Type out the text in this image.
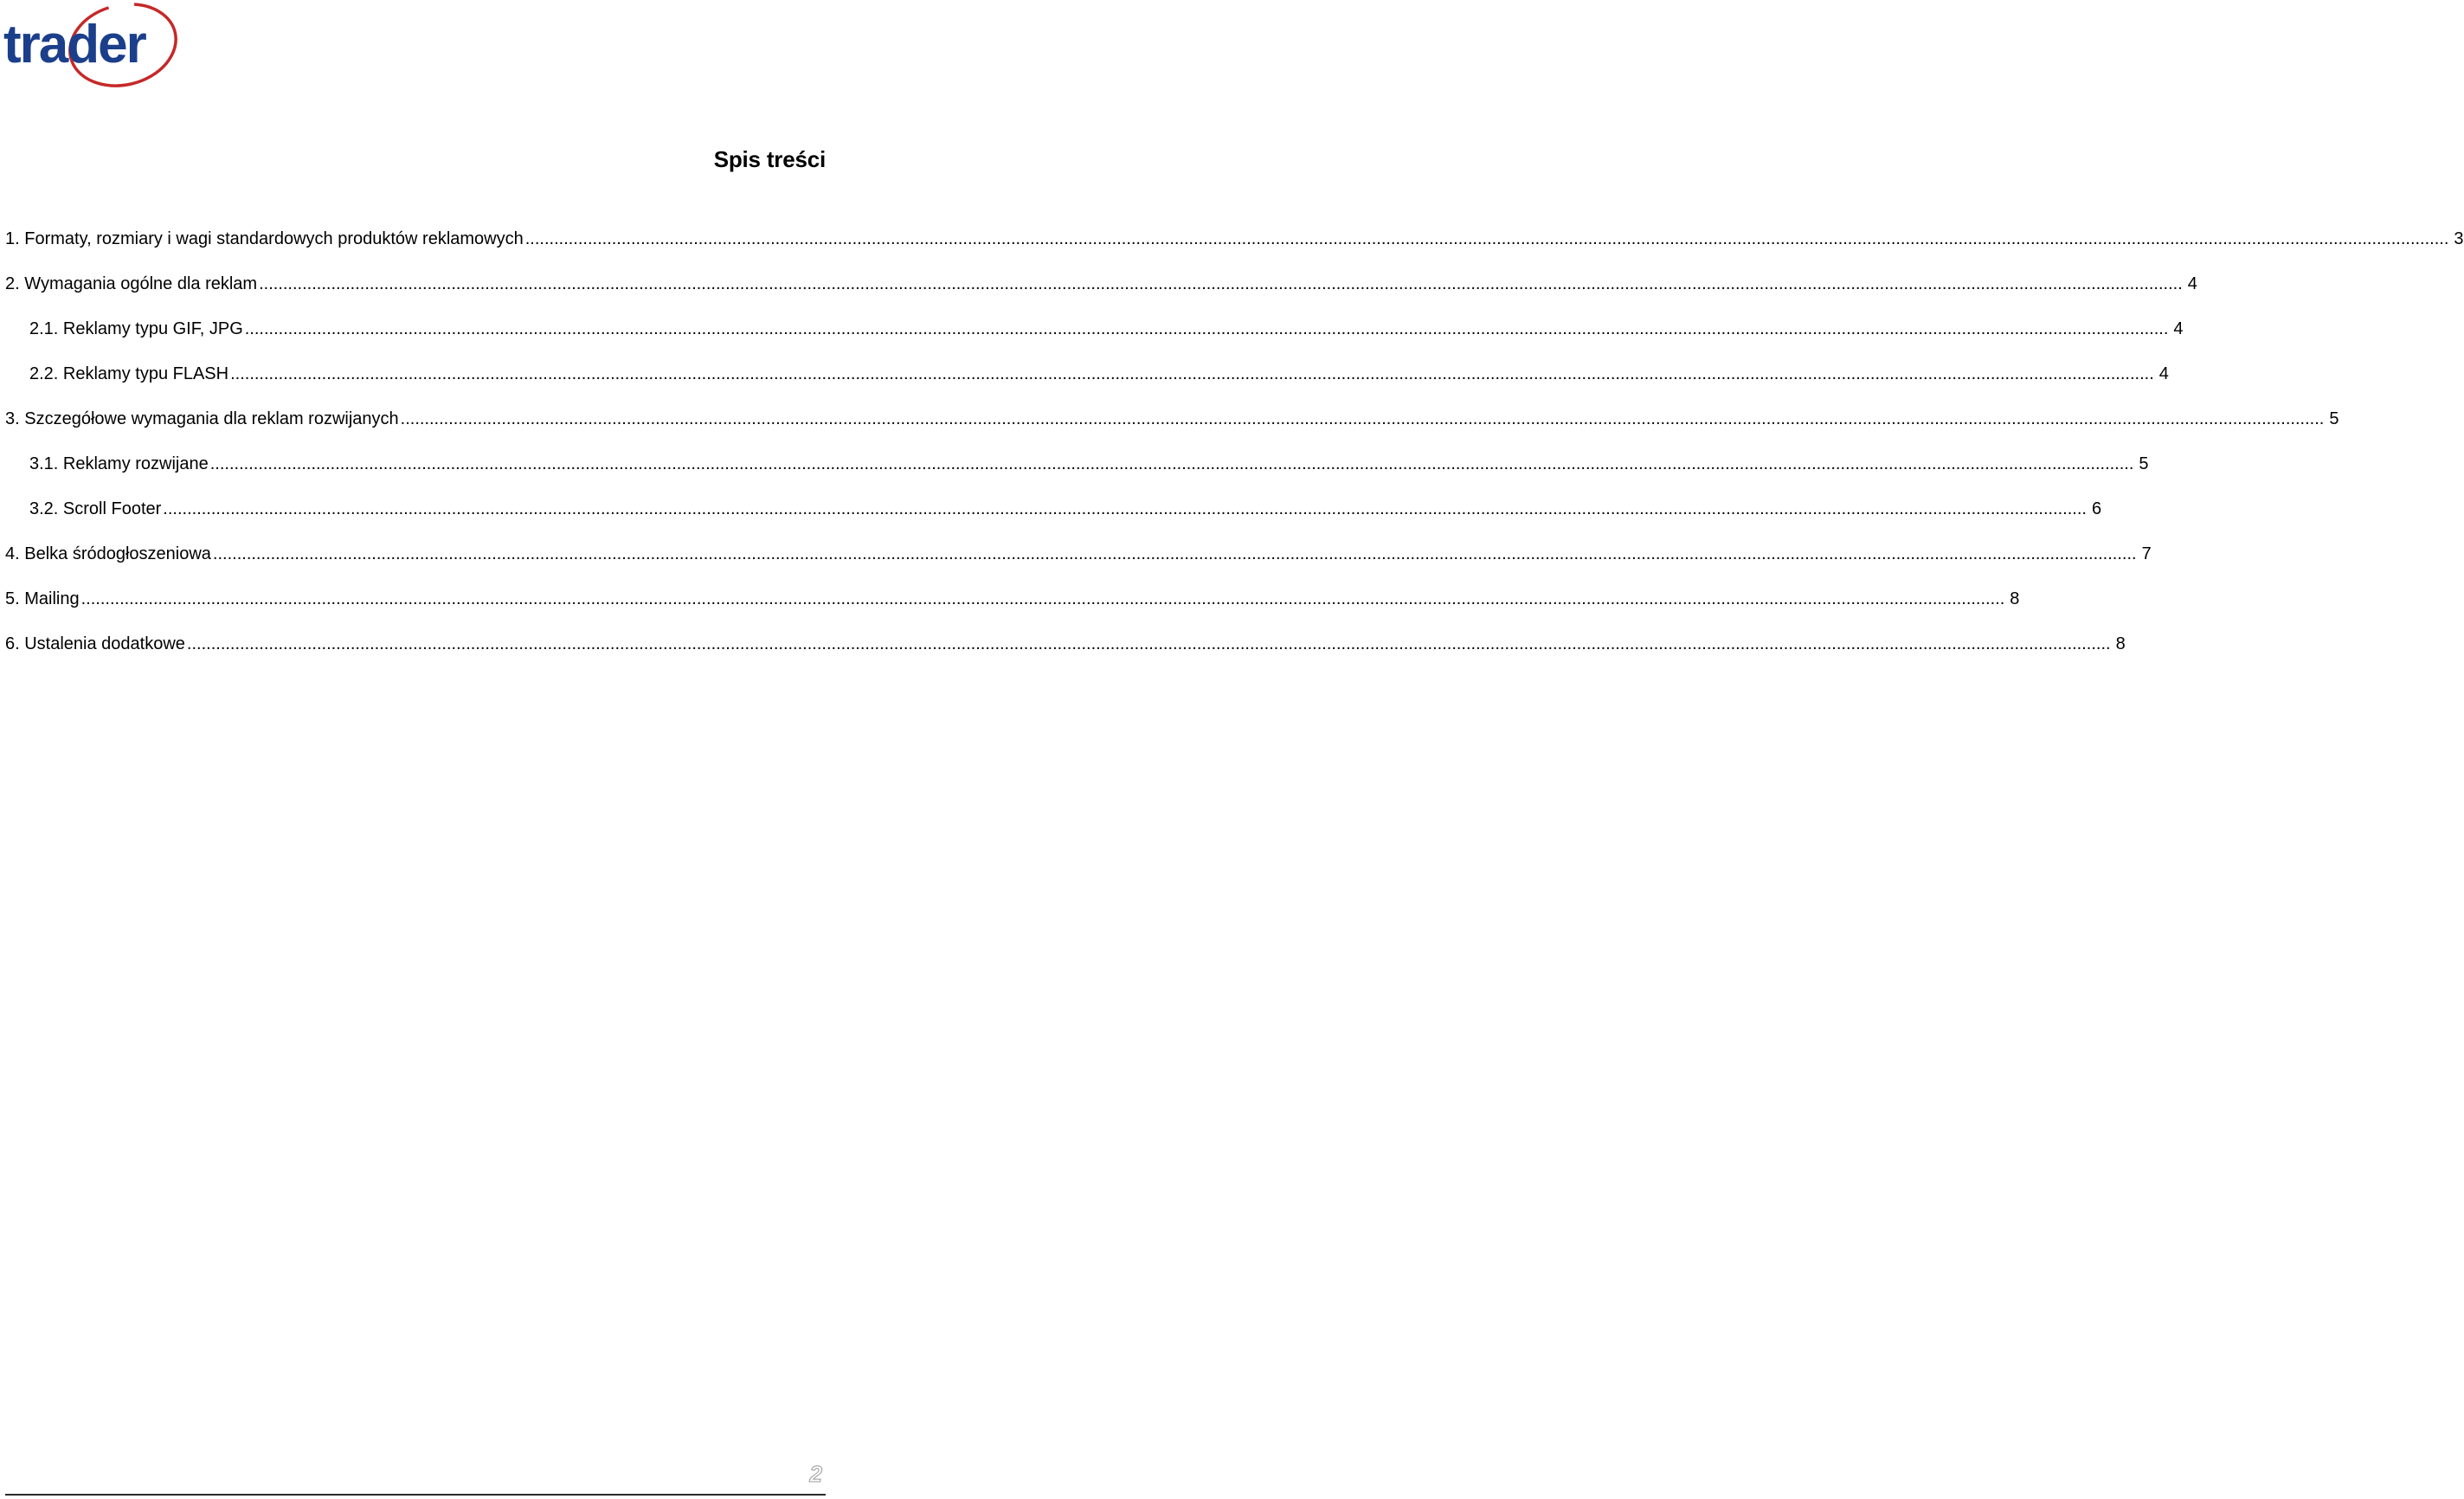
trader
Spis treści
1. Formaty, rozmiary i wagi standardowych produktów reklamowych ................................................................................................................................................................................................................................................................................................................................................................................................................ 3
2. Wymagania ogólne dla reklam ................................................................................................................................................................................................................................................................................................................................................................................................................ 4
2.1. Reklamy typu GIF, JPG ................................................................................................................................................................................................................................................................................................................................................................................................................ 4
2.2. Reklamy typu FLASH ................................................................................................................................................................................................................................................................................................................................................................................................................ 4
3. Szczegółowe wymagania dla reklam rozwijanych ................................................................................................................................................................................................................................................................................................................................................................................................................ 5
3.1. Reklamy rozwijane ................................................................................................................................................................................................................................................................................................................................................................................................................ 5
3.2. Scroll Footer ................................................................................................................................................................................................................................................................................................................................................................................................................ 6
4. Belka śródogłoszeniowa ................................................................................................................................................................................................................................................................................................................................................................................................................ 7
5. Mailing ................................................................................................................................................................................................................................................................................................................................................................................................................ 8
6. Ustalenia dodatkowe ................................................................................................................................................................................................................................................................................................................................................................................................................ 8
2
